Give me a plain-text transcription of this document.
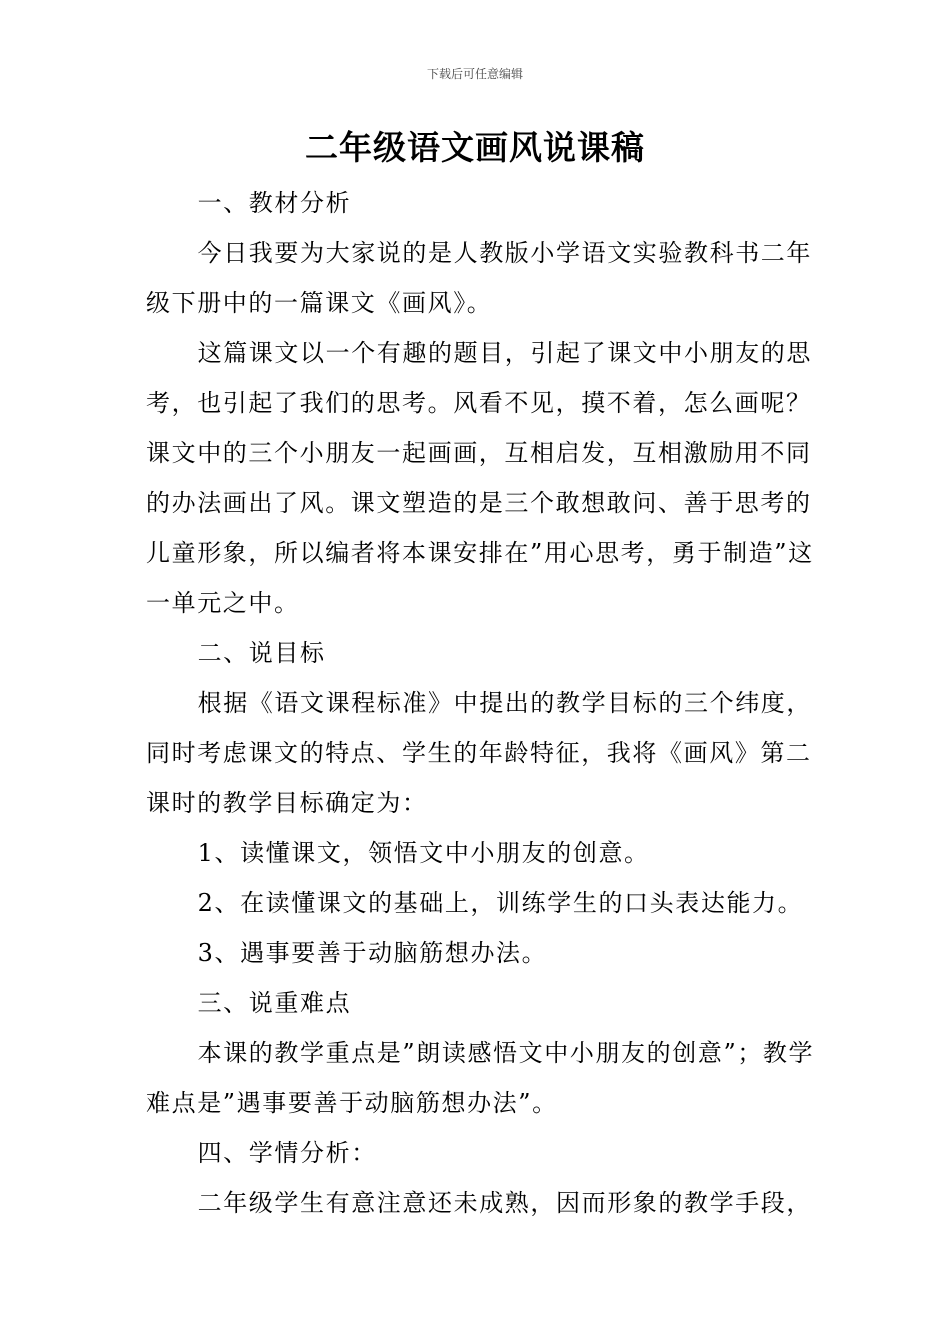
下载后可任意编辑
二年级语文画风说课稿

一、教材分析

今日我要为大家说的是人教版小学语文实验教科书二年级下册中的一篇课文《画风》。

这篇课文以一个有趣的题目，引起了课文中小朋友的思考，也引起了我们的思考。风看不见，摸不着，怎么画呢？课文中的三个小朋友一起画画，互相启发，互相激励用不同的办法画出了风。课文塑造的是三个敢想敢问、善于思考的儿童形象，所以编者将本课安排在”用心思考，勇于制造”这一单元之中。

二、说目标

根据《语文课程标准》中提出的教学目标的三个纬度，同时考虑课文的特点、学生的年龄特征，我将《画风》第二课时的教学目标确定为：

1、读懂课文，领悟文中小朋友的创意。

2、在读懂课文的基础上，训练学生的口头表达能力。

3、遇事要善于动脑筋想办法。

三、说重难点

本课的教学重点是”朗读感悟文中小朋友的创意”；教学难点是”遇事要善于动脑筋想办法”。

四、学情分析：

二年级学生有意注意还未成熟，因而形象的教学手段，
